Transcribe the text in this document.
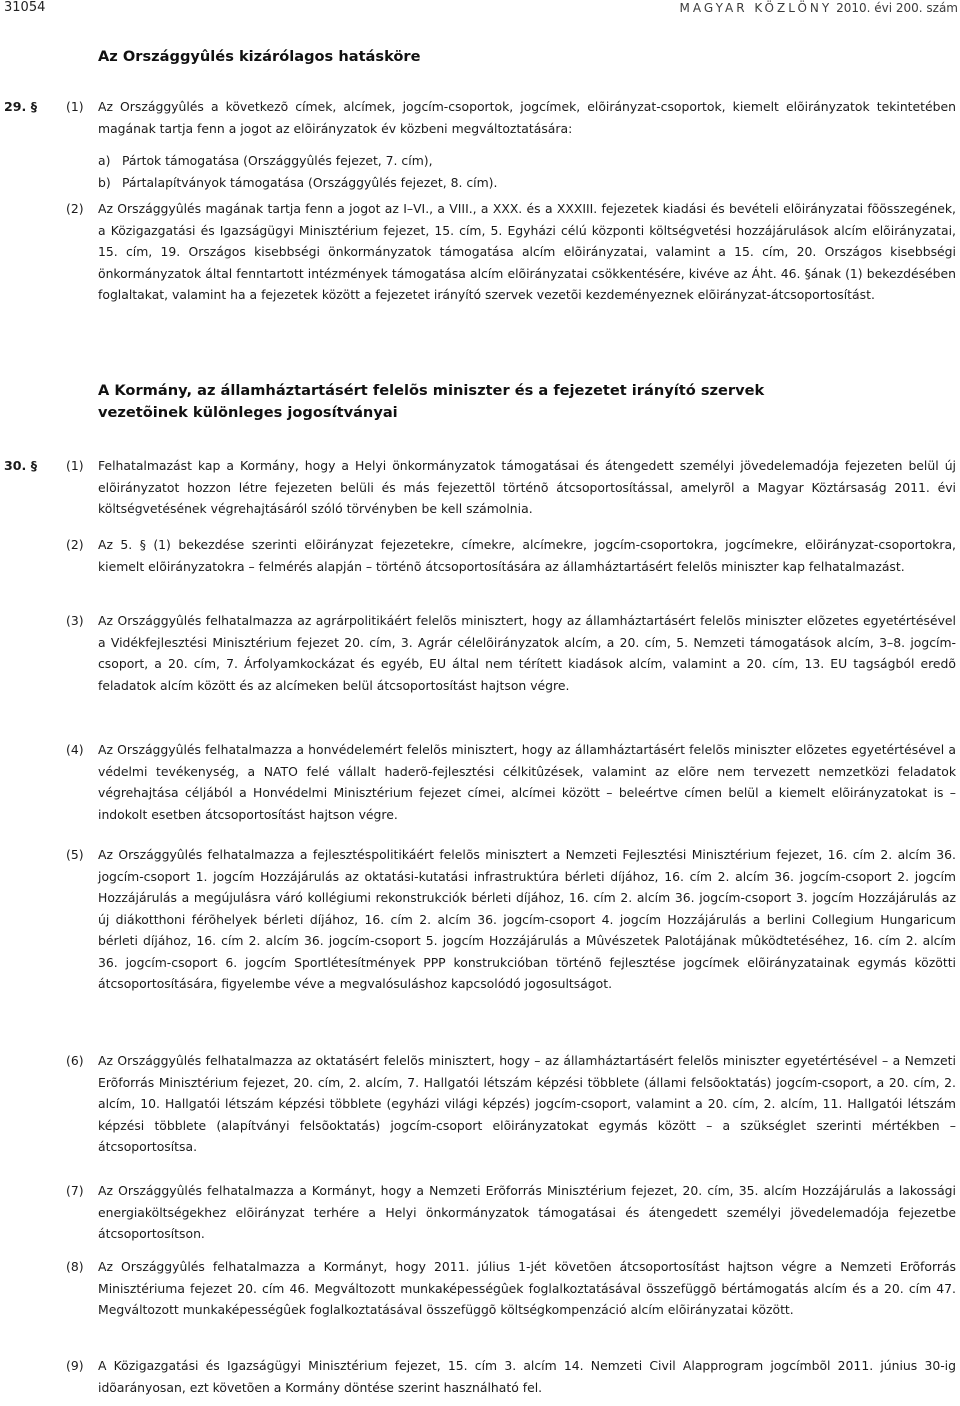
31054	MAGYAR KÖZLÖNY 2010. évi 200. szám
Az Országgyûlés kizárólagos hatásköre
29. § (1) Az Országgyûlés a következõ címek, alcímek, jogcím-csoportok, jogcímek, elõirányzat-csoportok, kiemelt elõirányzatok tekintetében magának tartja fenn a jogot az elõirányzatok év közbeni megváltoztatására:
a) Pártok támogatása (Országgyûlés fejezet, 7. cím),
b) Pártalapítványok támogatása (Országgyûlés fejezet, 8. cím).
(2) Az Országgyûlés magának tartja fenn a jogot az I–VI., a VIII., a XXX. és a XXXIII. fejezetek kiadási és bevételi elõirányzatai fõösszegének, a Közigazgatási és Igazságügyi Minisztérium fejezet, 15. cím, 5. Egyházi célú központi költségvetési hozzájárulások alcím elõirányzatai, 15. cím, 19. Országos kisebbségi önkormányzatok támogatása alcím elõirányzatai, valamint a 15. cím, 20. Országos kisebbségi önkormányzatok által fenntartott intézmények támogatása alcím elõirányzatai csökkentésére, kivéve az Áht. 46. §ának (1) bekezdésében foglaltakat, valamint ha a fejezetek között a fejezetet irányító szervek vezetõi kezdeményeznek elõirányzat-átcsoportosítást.
A Kormány, az államháztartásért felelõs miniszter és a fejezetet irányító szervek vezetõinek különleges jogosítványai
30. § (1) Felhatalmazást kap a Kormány, hogy a Helyi önkormányzatok támogatásai és átengedett személyi jövedelemadója fejezeten belül új elõirányzatot hozzon létre fejezeten belüli és más fejezettõl történõ átcsoportosítással, amelyrõl a Magyar Köztársaság 2011. évi költségvetésének végrehajtásáról szóló törvényben be kell számolnia.
(2) Az 5. § (1) bekezdése szerinti elõirányzat fejezetekre, címekre, alcímekre, jogcím-csoportokra, jogcímekre, elõirányzat-csoportokra, kiemelt elõirányzatokra – felmérés alapján – történõ átcsoportosítására az államháztartásért felelõs miniszter kap felhatalmazást.
(3) Az Országgyûlés felhatalmazza az agrárpolitikáért felelõs minisztert, hogy az államháztartásért felelõs miniszter elõzetes egyetértésével a Vidékfejlesztési Minisztérium fejezet 20. cím, 3. Agrár célelõirányzatok alcím, a 20. cím, 5. Nemzeti támogatások alcím, 3–8. jogcím-csoport, a 20. cím, 7. Árfolyamkockázat és egyéb, EU által nem térített kiadások alcím, valamint a 20. cím, 13. EU tagságból eredõ feladatok alcím között és az alcímeken belül átcsoportosítást hajtson végre.
(4) Az Országgyûlés felhatalmazza a honvédelemért felelõs minisztert, hogy az államháztartásért felelõs miniszter elõzetes egyetértésével a védelmi tevékenység, a NATO felé vállalt haderõ-fejlesztési célkitûzések, valamint az elõre nem tervezett nemzetközi feladatok végrehajtása céljából a Honvédelmi Minisztérium fejezet címei, alcímei között – beleértve címen belül a kiemelt elõirányzatokat is – indokolt esetben átcsoportosítást hajtson végre.
(5) Az Országgyûlés felhatalmazza a fejlesztéspolitikáért felelõs minisztert a Nemzeti Fejlesztési Minisztérium fejezet, 16. cím 2. alcím 36. jogcím-csoport 1. jogcím Hozzájárulás az oktatási-kutatási infrastruktúra bérleti díjához, 16. cím 2. alcím 36. jogcím-csoport 2. jogcím Hozzájárulás a megújulásra váró kollégiumi rekonstrukciók bérleti díjához, 16. cím 2. alcím 36. jogcím-csoport 3. jogcím Hozzájárulás az új diákotthoni férõhelyek bérleti díjához, 16. cím 2. alcím 36. jogcím-csoport 4. jogcím Hozzájárulás a berlini Collegium Hungaricum bérleti díjához, 16. cím 2. alcím 36. jogcím-csoport 5. jogcím Hozzájárulás a Mûvészetek Palotájának mûködtetéséhez, 16. cím 2. alcím 36. jogcím-csoport 6. jogcím Sportlétesítmények PPP konstrukcióban történõ fejlesztése jogcímek elõirányzatainak egymás közötti átcsoportosítására, figyelembe véve a megvalósuláshoz kapcsolódó jogosultságot.
(6) Az Országgyûlés felhatalmazza az oktatásért felelõs minisztert, hogy – az államháztartásért felelõs miniszter egyetértésével – a Nemzeti Erõforrás Minisztérium fejezet, 20. cím, 2. alcím, 7. Hallgatói létszám képzési többlete (állami felsõoktatás) jogcím-csoport, a 20. cím, 2. alcím, 10. Hallgatói létszám képzési többlete (egyházi világi képzés) jogcím-csoport, valamint a 20. cím, 2. alcím, 11. Hallgatói létszám képzési többlete (alapítványi felsõoktatás) jogcím-csoport elõirányzatokat egymás között – a szükséglet szerinti mértékben – átcsoportosítsa.
(7) Az Országgyûlés felhatalmazza a Kormányt, hogy a Nemzeti Erõforrás Minisztérium fejezet, 20. cím, 35. alcím Hozzájárulás a lakossági energiaköltségekhez elõirányzat terhére a Helyi önkormányzatok támogatásai és átengedett személyi jövedelemadója fejezetbe átcsoportosítson.
(8) Az Országgyûlés felhatalmazza a Kormányt, hogy 2011. július 1-jét követõen átcsoportosítást hajtson végre a Nemzeti Erõforrás Minisztériuma fejezet 20. cím 46. Megváltozott munkaképességûek foglalkoztatásával összefüggõ bértámogatás alcím és a 20. cím 47. Megváltozott munkaképességûek foglalkoztatásával összefüggõ költségkompenzáció alcím elõirányzatai között.
(9) A Közigazgatási és Igazságügyi Minisztérium fejezet, 15. cím 3. alcím 14. Nemzeti Civil Alapprogram jogcímbõl 2011. június 30-ig idõarányosan, ezt követõen a Kormány döntése szerint használható fel.
